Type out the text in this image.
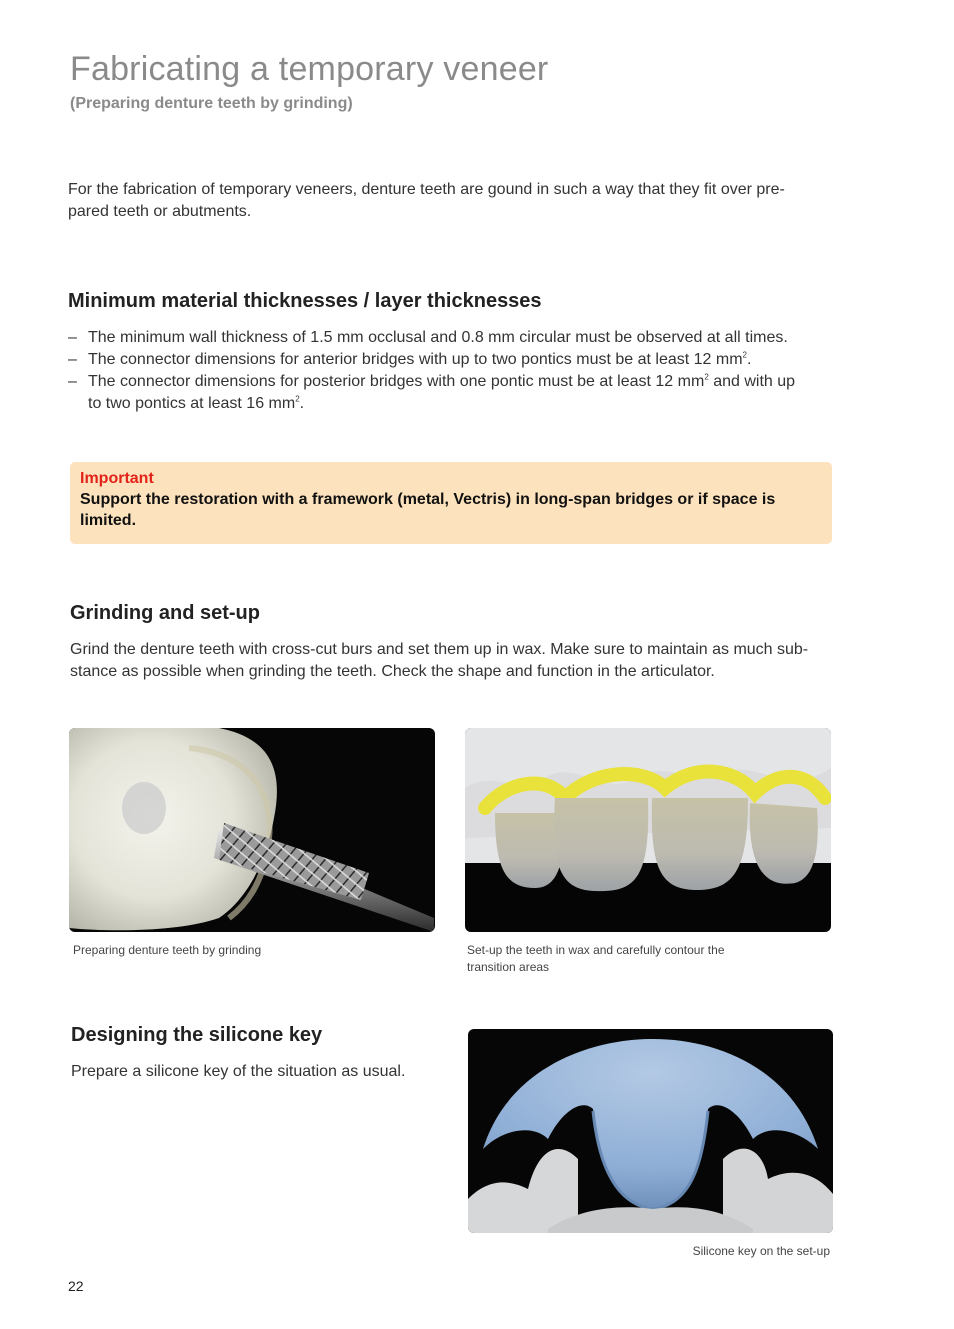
Fabricating a temporary veneer
(Preparing denture teeth by grinding)

For the fabrication of temporary veneers, denture teeth are gound in such a way that they fit over pre-

pared teeth or abutments.

Minimum material thicknesses / layer thicknesses
– The minimum wall thickness of 1.5 mm occlusal and 0.8 mm circular must be observed at all times.
– The connector dimensions for anterior bridges with up to two pontics must be at least 12 $mm^2$.
– The connector dimensions for posterior bridges with one pontic must be at least 12 $mm^2$ and with up
to two pontics at least 16 $mm^2$.
Important
Support the restoration with a framework (metal, Vectris) in long-span bridges or if space is limited.
Grinding and set-up

Grind the denture teeth with cross-cut burs and set them up in wax. Make sure to maintain as much sub-

stance as possible when grinding the teeth. Check the shape and function in the articulator.

Preparing denture teeth by grinding	Set-up the teeth in wax and carefully contour the
transition areas
Designing the silicone key

Prepare a silicone key of the situation as usual.

Silicone key on the set-up
22
